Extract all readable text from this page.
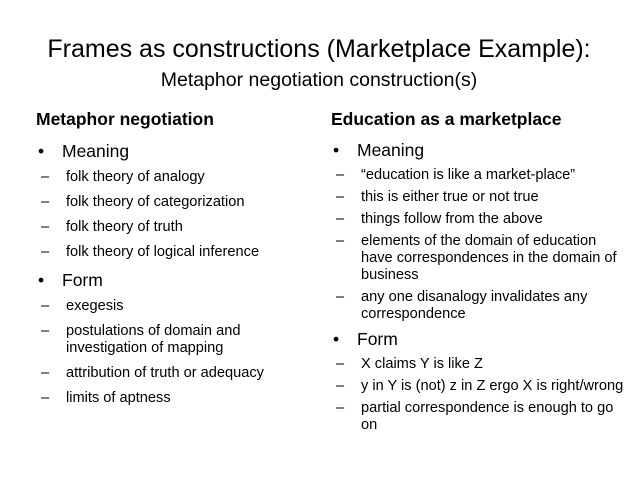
Frames as constructions (Marketplace Example):
Metaphor negotiation construction(s)
Metaphor negotiation
• Meaning
– folk theory of analogy
– folk theory of categorization
– folk theory of truth
– folk theory of logical inference
• Form
– exegesis
– postulations of domain and investigation of mapping
– attribution of truth or adequacy
– limits of aptness
Education as a marketplace
• Meaning
– “education is like a market-place”
– this is either true or not true
– things follow from the above
– elements of the domain of education have correspondences in the domain of business
– any one disanalogy invalidates any correspondence
• Form
– X claims Y is like Z
– y in Y is (not) z in Z ergo X is right/wrong
– partial correspondence is enough to go on
